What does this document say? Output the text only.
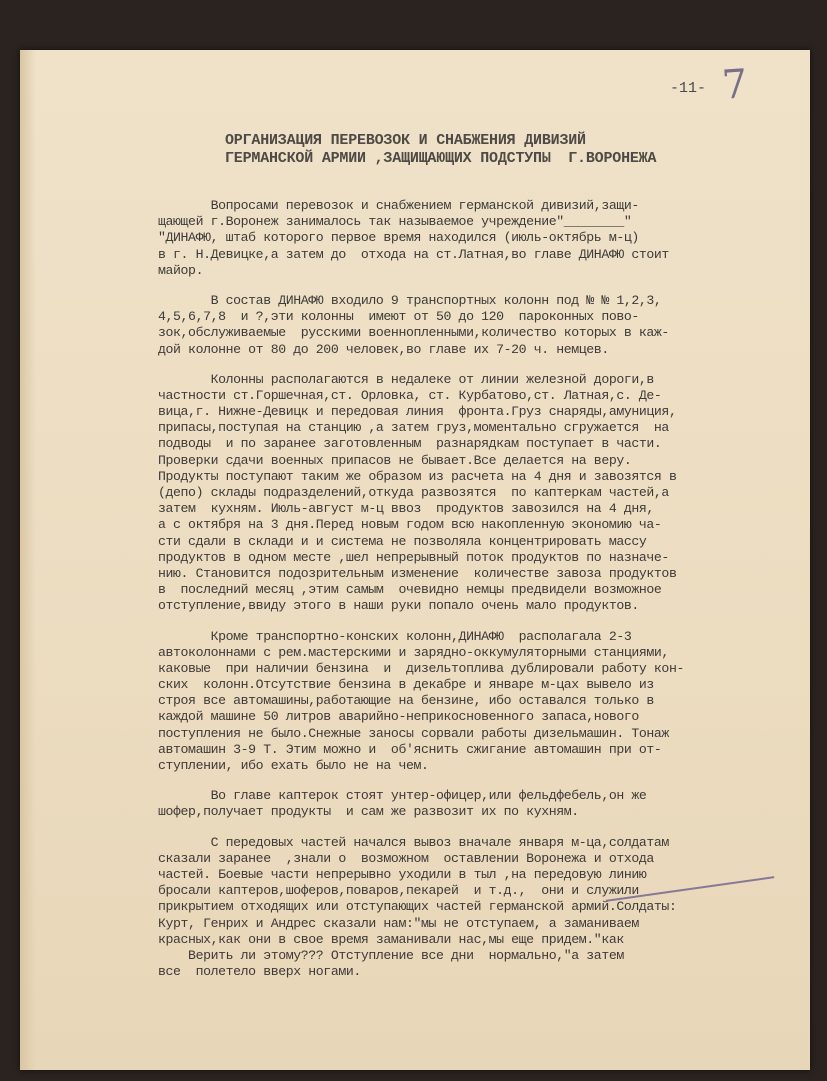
-11- 7
ОРГАНИЗАЦИЯ ПЕРЕВОЗОК И СНАБЖЕНИЯ ДИВИЗИЙ
ГЕРМАНСКОЙ АРМИИ ,ЗАЩИЩАЮЩИХ ПОДСТУПЫ  Г.ВОРОНЕЖА
Вопросами перевозок и снабжением германской дивизий,защи-
щающей г.Воронеж занималось так называемое учреждение"________"
"ДИНАФЮ, штаб которого первое время находился (июль-октябрь м-ц)
в г. Н.Девицке,а затем до  отхода на ст.Латная,во главе ДИНАФЮ стоит
майор.
В состав ДИНАФЮ входило 9 транспортных колонн под № № 1,2,3,
4,5,6,7,8  и ?,эти колонны  имеют от 50 до 120  пароконных пово-
зок,обслуживаемые  русскими военнопленными,количество которых в каж-
дой колонне от 80 до 200 человек,во главе их 7-20 ч. немцев.
Колонны располагаются в недалеке от линии железной дороги,в
частности ст.Горшечная,ст. Орловка, ст. Курбатово,ст. Латная,с. Де-
вица,г. Нижне-Девицк и передовая линия  фронта.Груз снаряды,амуниция,
припасы,поступая на станцию ,а затем груз,моментально сгружается  на
подводы  и по заранее заготовленным  разнарядкам поступает в части.
Проверки сдачи военных припасов не бывает.Все делается на веру.
Продукты поступают таким же образом из расчета на 4 дня и завозятся в
(депо) склады подразделений,откуда развозятся  по каптеркам частей,а
затем  кухням. Июль-август м-ц ввоз  продуктов завозился на 4 дня,
а с октября на 3 дня.Перед новым годом всю накопленную экономию ча-
сти сдали в склади и и система не позволяла концентрировать массу
продуктов в одном месте ,шел непрерывный поток продуктов по назначе-
нию. Становится подозрительным изменение  количестве завоза продуктов
в  последний месяц ,этим самым  очевидно немцы предвидели возможное
отступление,ввиду этого в наши руки попало очень мало продуктов.
Кроме транспортно-конских колонн,ДИНАФЮ  располагала 2-3
автоколоннами с рем.мастерскими и зарядно-оккумуляторными станциями,
каковые  при наличии бензина  и  дизельтоплива дублировали работу кон-
ских  колонн.Отсутствие бензина в декабре и январе м-цах вывело из
строя все автомашины,работающие на бензине, ибо оставался только в
каждой машине 50 литров аварийно-неприкосновенного запаса,нового
поступления не было.Снежные заносы сорвали работы дизельмашин. Тонаж
автомашин 3-9 Т. Этим можно и  об'яснить сжигание автомашин при от-
ступлении, ибо ехать было не на чем.
Во главе каптерок стоят унтер-офицер,или фельдфебель,он же
шофер,получает продукты  и сам же развозит их по кухням.
С передовых частей начался вывоз вначале января м-ца,солдатам
сказали заранее  ,знали о  возможном  оставлении Воронежа и отхода
частей. Боевые части непрерывно уходили в тыл ,на передовую линию
бросали каптеров,шоферов,поваров,пекарей  и т.д.,  они и служили
прикрытием отходящих или отступающих частей германской армий.Солдаты:
Курт, Генрих и Андрес сказали нам:"мы не отступаем, а заманиваем
красных,как они в свое время заманивали нас,мы еще придем."как
Верить ли этому??? Отступление все дни  нормально,"а затем
все  полетело вверх ногами.
